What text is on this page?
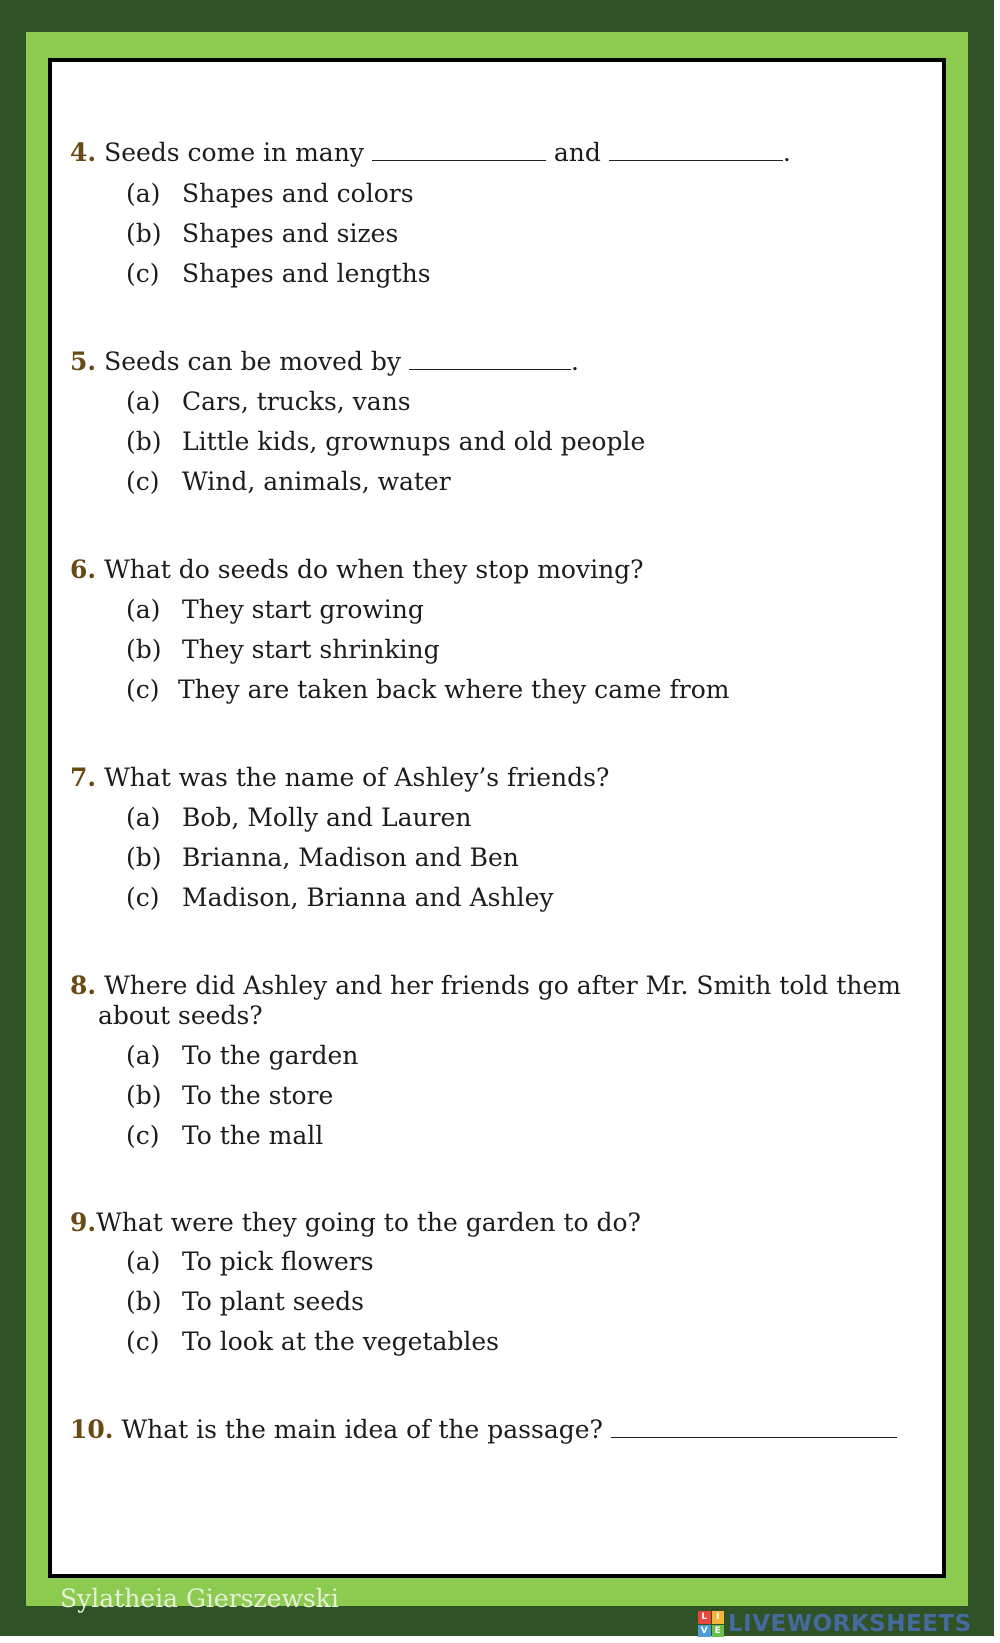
4. Seeds come in many	and	.
(a) Shapes and colors
(b) Shapes and sizes
(c) Shapes and lengths
5. Seeds can be moved by	.
(a) Cars, trucks, vans
(b) Little kids, grownups and old people
(c) Wind, animals, water
6. What do seeds do when they stop moving?
(a) They start growing
(b) They start shrinking
(c) They are taken back where they came from
7. What was the name of Ashley’s friends?
(a) Bob, Molly and Lauren
(b) Brianna, Madison and Ben
(c) Madison, Brianna and Ashley
8. Where did Ashley and her friends go after Mr. Smith told them
about seeds?
(a) To the garden
(b) To the store
(c) To the mall
9.What were they going to the garden to do?
(a) To pick flowers
(b) To plant seeds
(c) To look at the vegetables
10. What is the main idea of the passage?
Sylatheia Gierszewski
L I
V E LIVEWORKSHEETS
